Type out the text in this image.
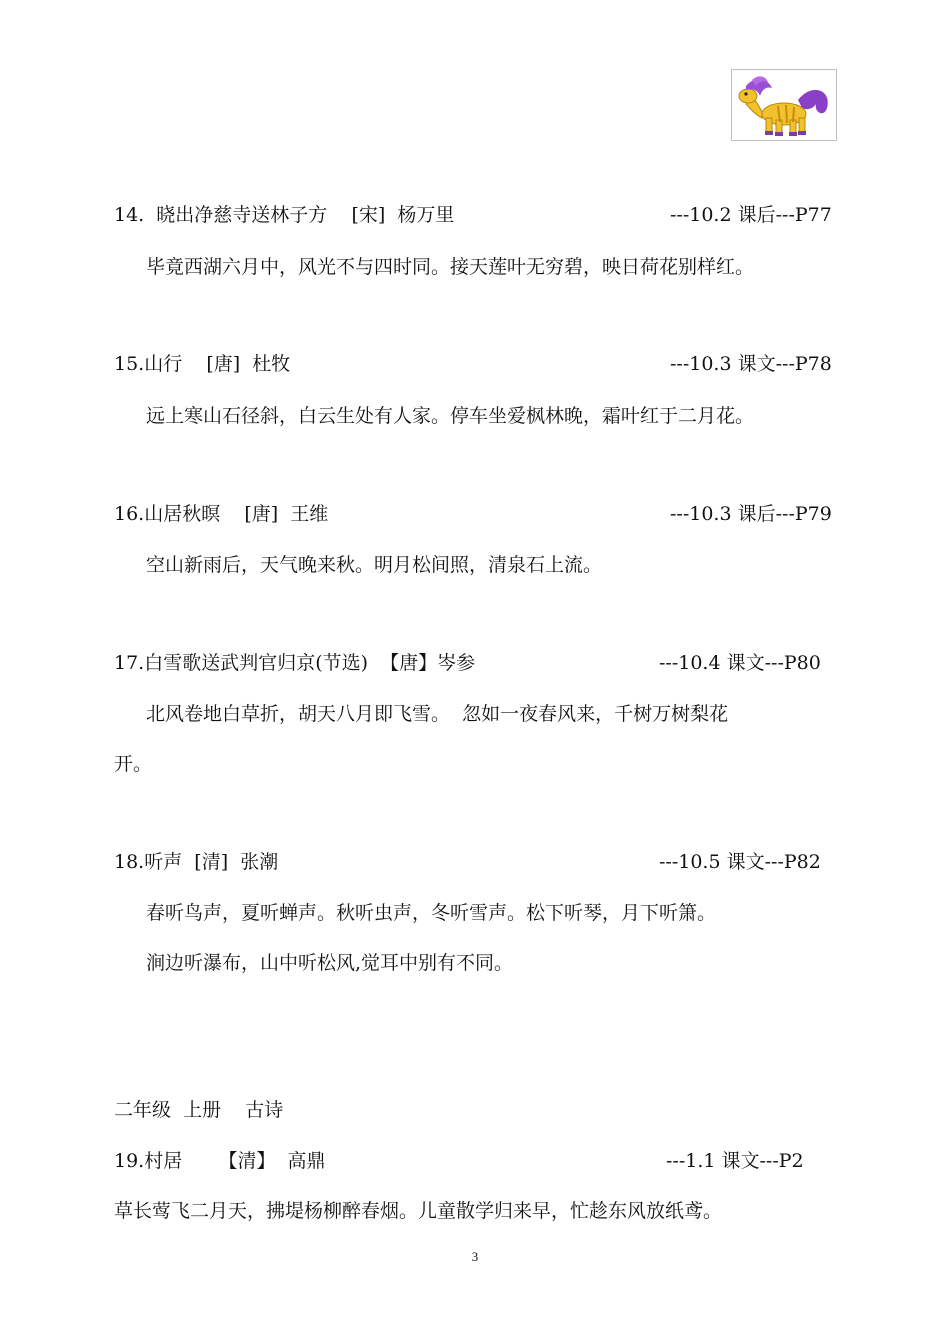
14.  晓出净慈寺送林子方    [宋]  杨万里	---10.2 课后---P77
毕竟西湖六月中，风光不与四时同。接天莲叶无穷碧，映日荷花别样红。
15.山行    [唐]  杜牧	---10.3 课文---P78
远上寒山石径斜，白云生处有人家。停车坐爱枫林晚，霜叶红于二月花。
16.山居秋暝    [唐]  王维	---10.3 课后---P79
空山新雨后，天气晚来秋。明月松间照，清泉石上流。
17.白雪歌送武判官归京(节选)  【唐】岑参	---10.4 课文---P80
北风卷地白草折，胡天八月即飞雪。  忽如一夜春风来，千树万树梨花
开。
18.听声  [清]  张潮	---10.5 课文---P82
春听鸟声，夏听蝉声。秋听虫声，冬听雪声。松下听琴，月下听箫。
涧边听瀑布，山中听松风,觉耳中别有不同。
二年级  上册    古诗
19.村居      【清】  高鼎	---1.1 课文---P2
草长莺飞二月天，拂堤杨柳醉春烟。儿童散学归来早，忙趁东风放纸鸢。
3
